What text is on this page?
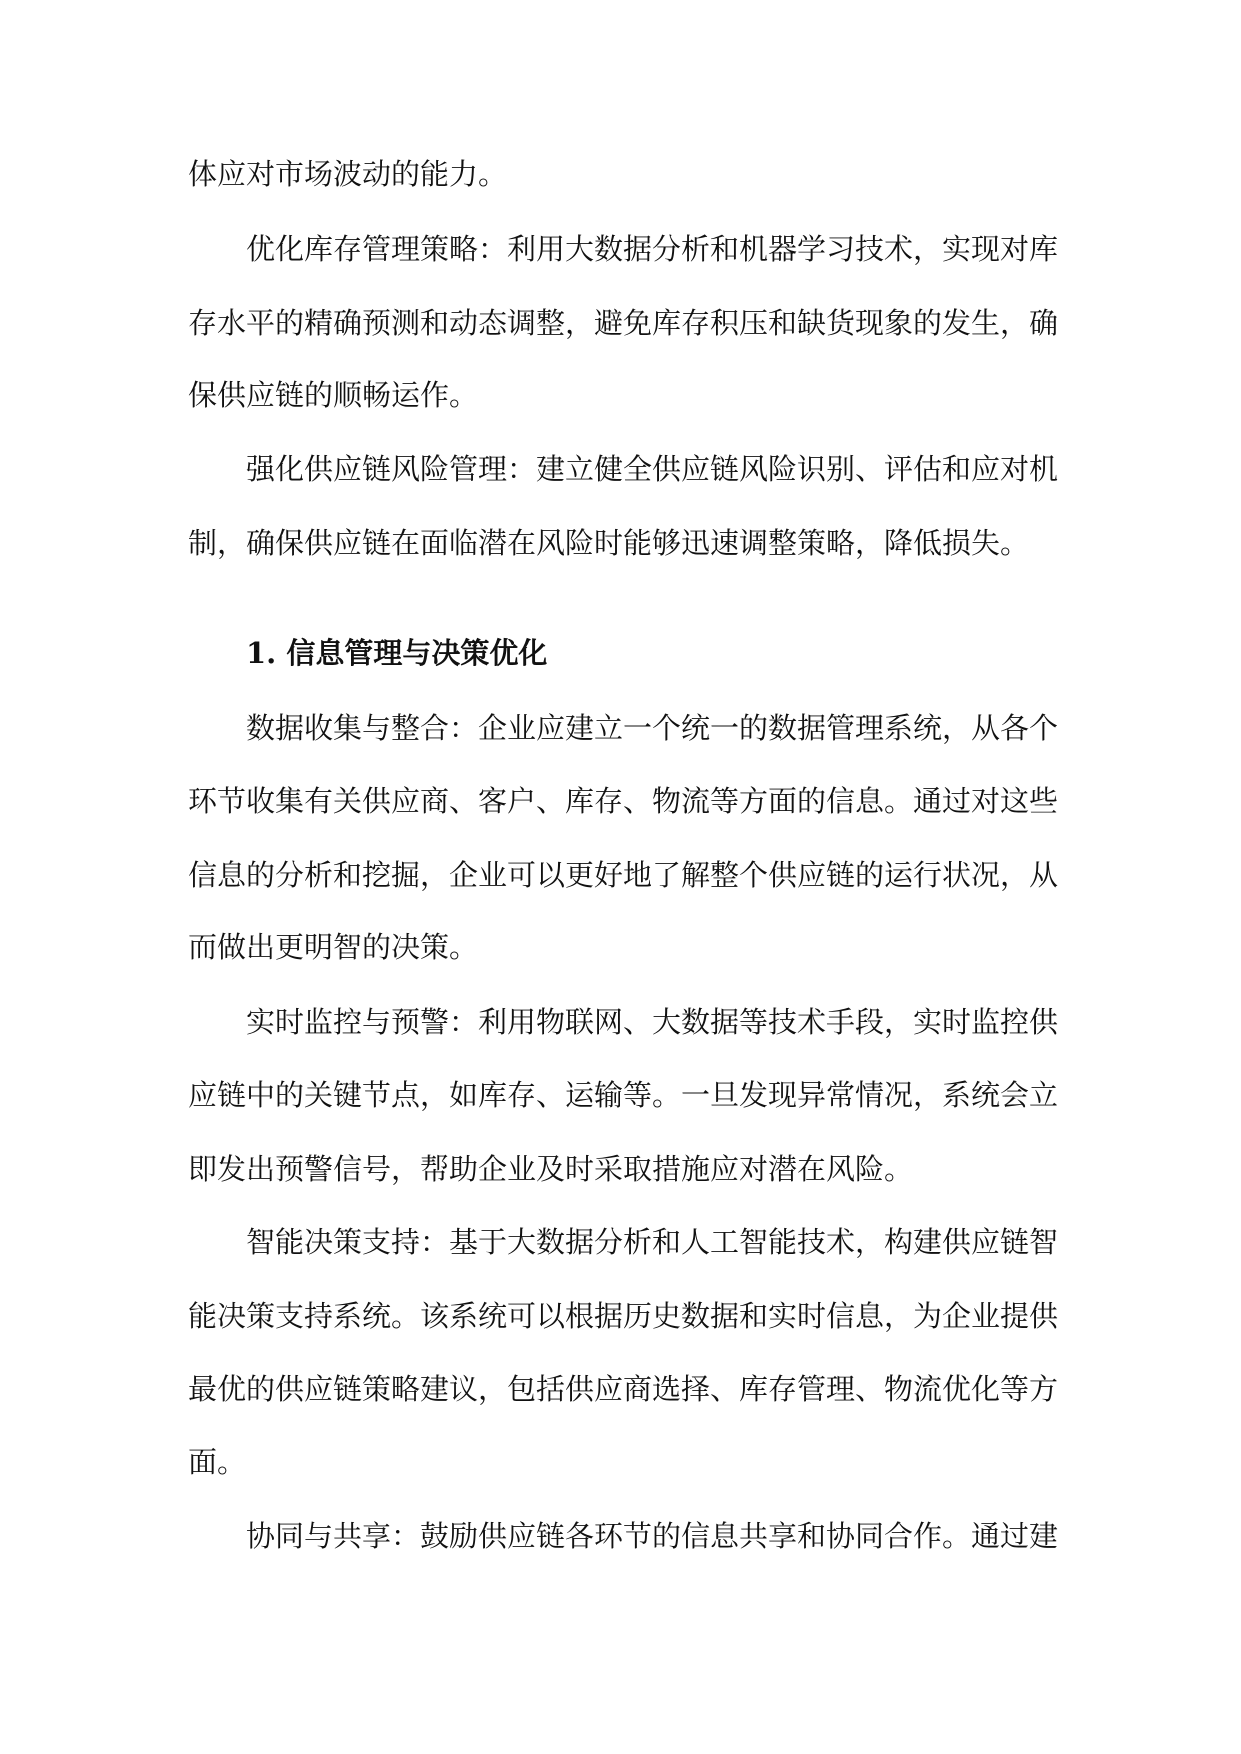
体应对市场波动的能力。
优化库存管理策略：利用大数据分析和机器学习技术，实现对库
存水平的精确预测和动态调整，避免库存积压和缺货现象的发生，确
保供应链的顺畅运作。
强化供应链风险管理：建立健全供应链风险识别、评估和应对机
制，确保供应链在面临潜在风险时能够迅速调整策略，降低损失。
1. 信息管理与决策优化
数据收集与整合：企业应建立一个统一的数据管理系统，从各个
环节收集有关供应商、客户、库存、物流等方面的信息。通过对这些
信息的分析和挖掘，企业可以更好地了解整个供应链的运行状况，从
而做出更明智的决策。
实时监控与预警：利用物联网、大数据等技术手段，实时监控供
应链中的关键节点，如库存、运输等。一旦发现异常情况，系统会立
即发出预警信号，帮助企业及时采取措施应对潜在风险。
智能决策支持：基于大数据分析和人工智能技术，构建供应链智
能决策支持系统。该系统可以根据历史数据和实时信息，为企业提供
最优的供应链策略建议，包括供应商选择、库存管理、物流优化等方
面。
协同与共享：鼓励供应链各环节的信息共享和协同合作。通过建
